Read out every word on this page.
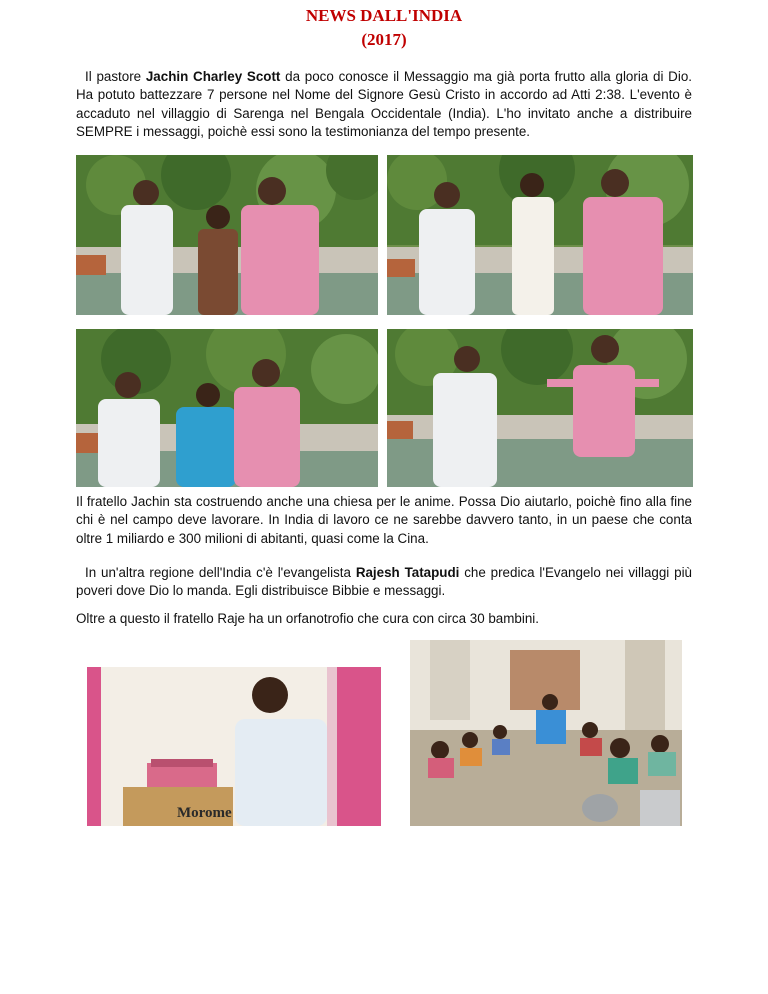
NEWS DALL'INDIA
(2017)

Il pastore Jachin Charley Scott da poco conosce il Messaggio ma già porta frutto alla gloria di Dio. Ha potuto battezzare 7 persone nel Nome del Signore Gesù Cristo in accordo ad Atti 2:38. L'evento è accaduto nel villaggio di Sarenga nel Bengala Occidentale (India). L'ho invitato anche a distribuire SEMPRE i messaggi, poichè essi sono la testimonianza del tempo presente.

Il fratello Jachin sta costruendo anche una chiesa per le anime. Possa Dio aiutarlo, poichè fino alla fine chi è nel campo deve lavorare. In India di lavoro ce ne sarebbe davvero tanto, in un paese che conta oltre 1 miliardo e 300 milioni di abitanti, quasi come la Cina.

In un'altra regione dell'India c'è l'evangelista Rajesh Tatapudi che predica l'Evangelo nei villaggi più poveri dove Dio lo manda. Egli distribuisce Bibbie e messaggi.

Oltre a questo il fratello Raje ha un orfanotrofio che cura con circa 30 bambini.

Morome
